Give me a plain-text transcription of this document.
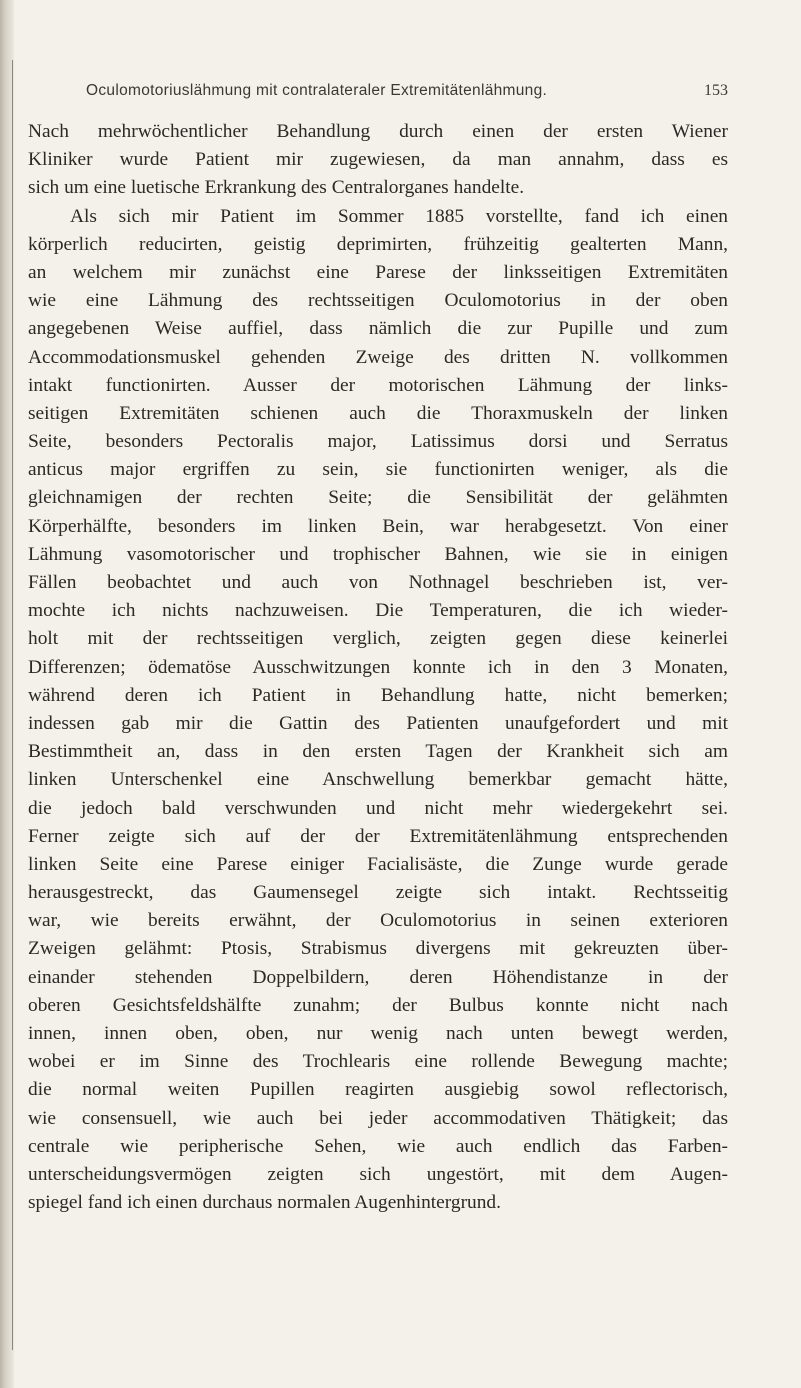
Oculomotoriuslähmung mit contralateraler Extremitätenlähmung.	153
Nach mehrwöchentlicher Behandlung durch einen der ersten Wiener
Kliniker wurde Patient mir zugewiesen, da man annahm, dass es
sich um eine luetische Erkrankung des Centralorganes handelte.
Als sich mir Patient im Sommer 1885 vorstellte, fand ich einen
körperlich reducirten, geistig deprimirten, frühzeitig gealterten Mann,
an welchem mir zunächst eine Parese der linksseitigen Extremitäten
wie eine Lähmung des rechtsseitigen Oculomotorius in der oben
angegebenen Weise auffiel, dass nämlich die zur Pupille und zum
Accommodationsmuskel gehenden Zweige des dritten N. vollkommen
intakt functionirten. Ausser der motorischen Lähmung der links-
seitigen Extremitäten schienen auch die Thoraxmuskeln der linken
Seite, besonders Pectoralis major, Latissimus dorsi und Serratus
anticus major ergriffen zu sein, sie functionirten weniger, als die
gleichnamigen der rechten Seite; die Sensibilität der gelähmten
Körperhälfte, besonders im linken Bein, war herabgesetzt. Von einer
Lähmung vasomotorischer und trophischer Bahnen, wie sie in einigen
Fällen beobachtet und auch von Nothnagel beschrieben ist, ver-
mochte ich nichts nachzuweisen. Die Temperaturen, die ich wieder-
holt mit der rechtsseitigen verglich, zeigten gegen diese keinerlei
Differenzen; ödematöse Ausschwitzungen konnte ich in den 3 Monaten,
während deren ich Patient in Behandlung hatte, nicht bemerken;
indessen gab mir die Gattin des Patienten unaufgefordert und mit
Bestimmtheit an, dass in den ersten Tagen der Krankheit sich am
linken Unterschenkel eine Anschwellung bemerkbar gemacht hätte,
die jedoch bald verschwunden und nicht mehr wiedergekehrt sei.
Ferner zeigte sich auf der der Extremitätenlähmung entsprechenden
linken Seite eine Parese einiger Facialisäste, die Zunge wurde gerade
herausgestreckt, das Gaumensegel zeigte sich intakt. Rechtsseitig
war, wie bereits erwähnt, der Oculomotorius in seinen exterioren
Zweigen gelähmt: Ptosis, Strabismus divergens mit gekreuzten über-
einander stehenden Doppelbildern, deren Höhendistanze in der
oberen Gesichtsfeldshälfte zunahm; der Bulbus konnte nicht nach
innen, innen oben, oben, nur wenig nach unten bewegt werden,
wobei er im Sinne des Trochlearis eine rollende Bewegung machte;
die normal weiten Pupillen reagirten ausgiebig sowol reflectorisch,
wie consensuell, wie auch bei jeder accommodativen Thätigkeit; das
centrale wie peripherische Sehen, wie auch endlich das Farben-
unterscheidungsvermögen zeigten sich ungestört, mit dem Augen-
spiegel fand ich einen durchaus normalen Augenhintergrund.
